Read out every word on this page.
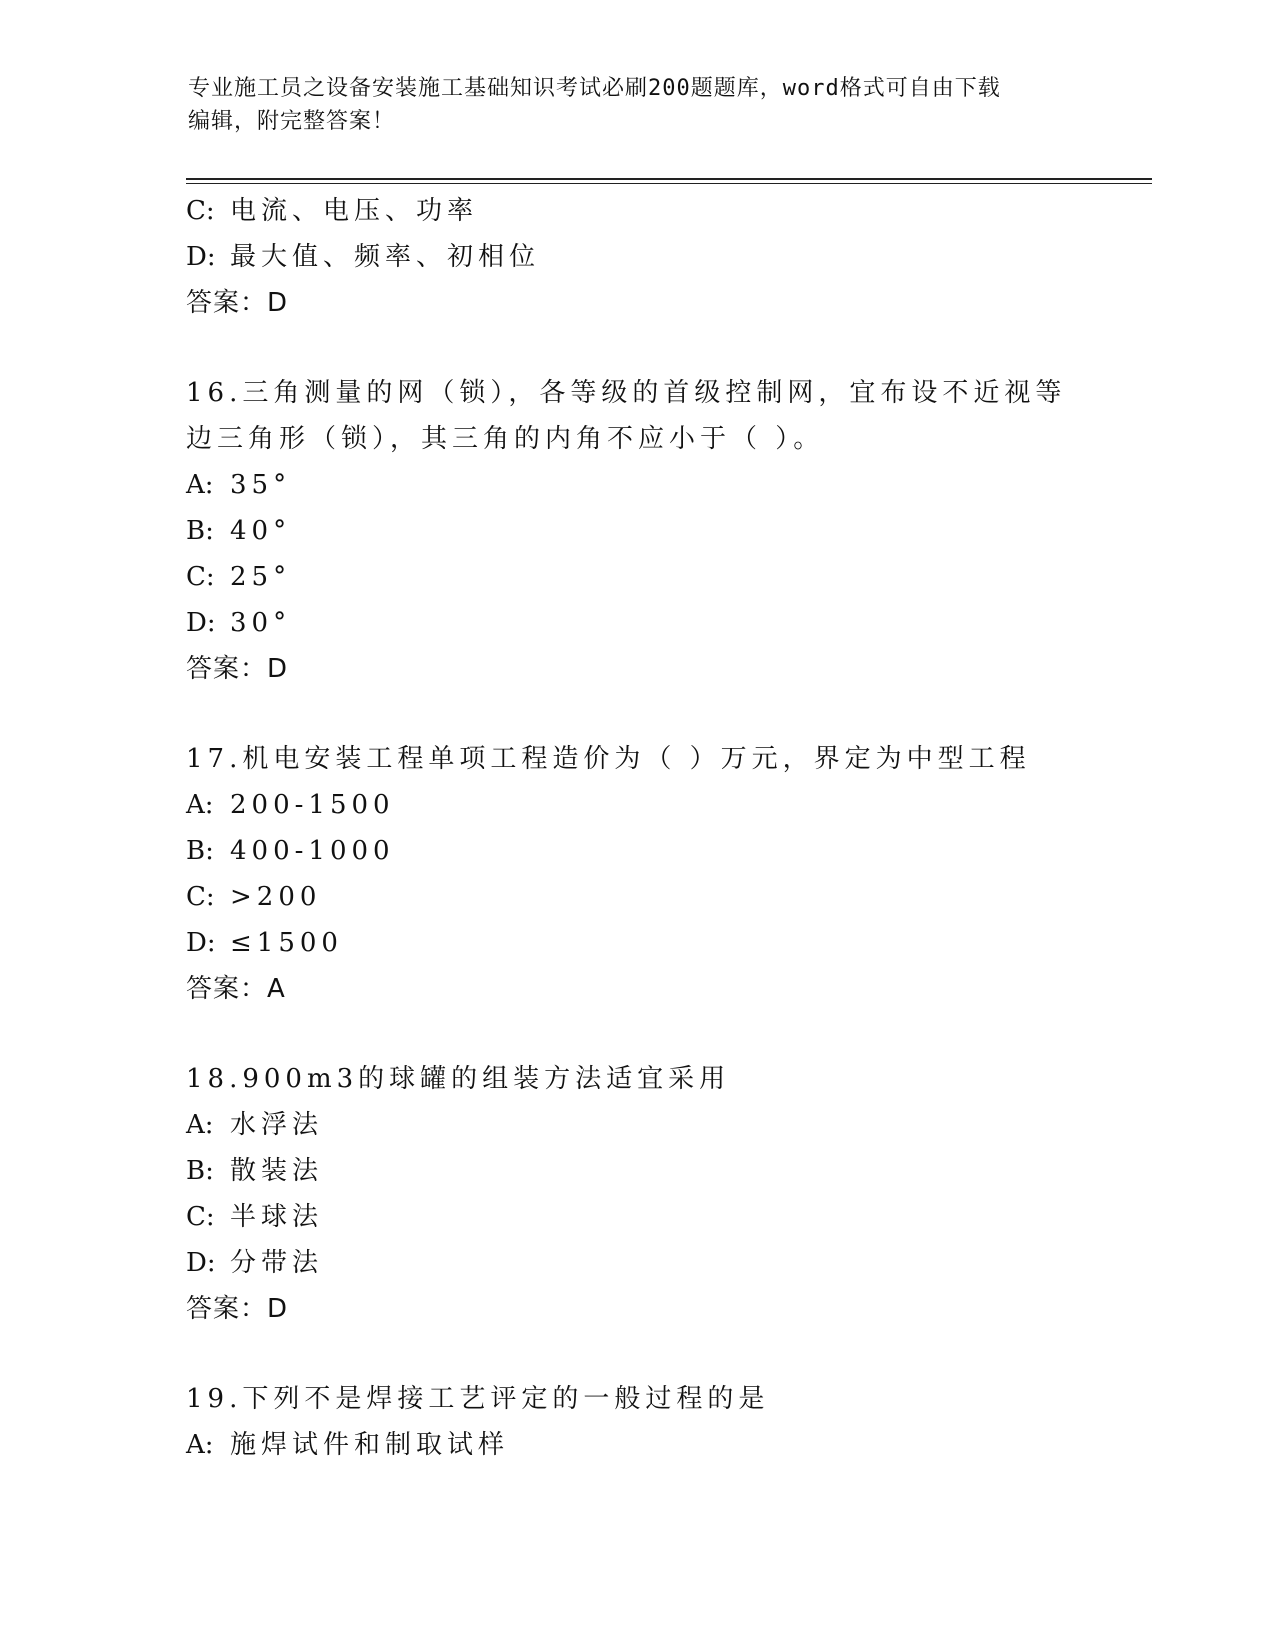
专业施工员之设备安装施工基础知识考试必刷200题题库，word格式可自由下载
编辑，附完整答案！
C: 电流、电压、功率
D: 最大值、频率、初相位
答案：D
16.三角测量的网（锁），各等级的首级控制网，宜布设不近视等边三角形（锁），其三角的内角不应小于（ ）。
A: 35°
B: 40°
C: 25°
D: 30°
答案：D
17.机电安装工程单项工程造价为（ ）万元，界定为中型工程
A: 200-1500
B: 400-1000
C: >200
D: ≤1500
答案：A
18.900m3的球罐的组装方法适宜采用
A: 水浮法
B: 散装法
C: 半球法
D: 分带法
答案：D
19.下列不是焊接工艺评定的一般过程的是
A: 施焊试件和制取试样
